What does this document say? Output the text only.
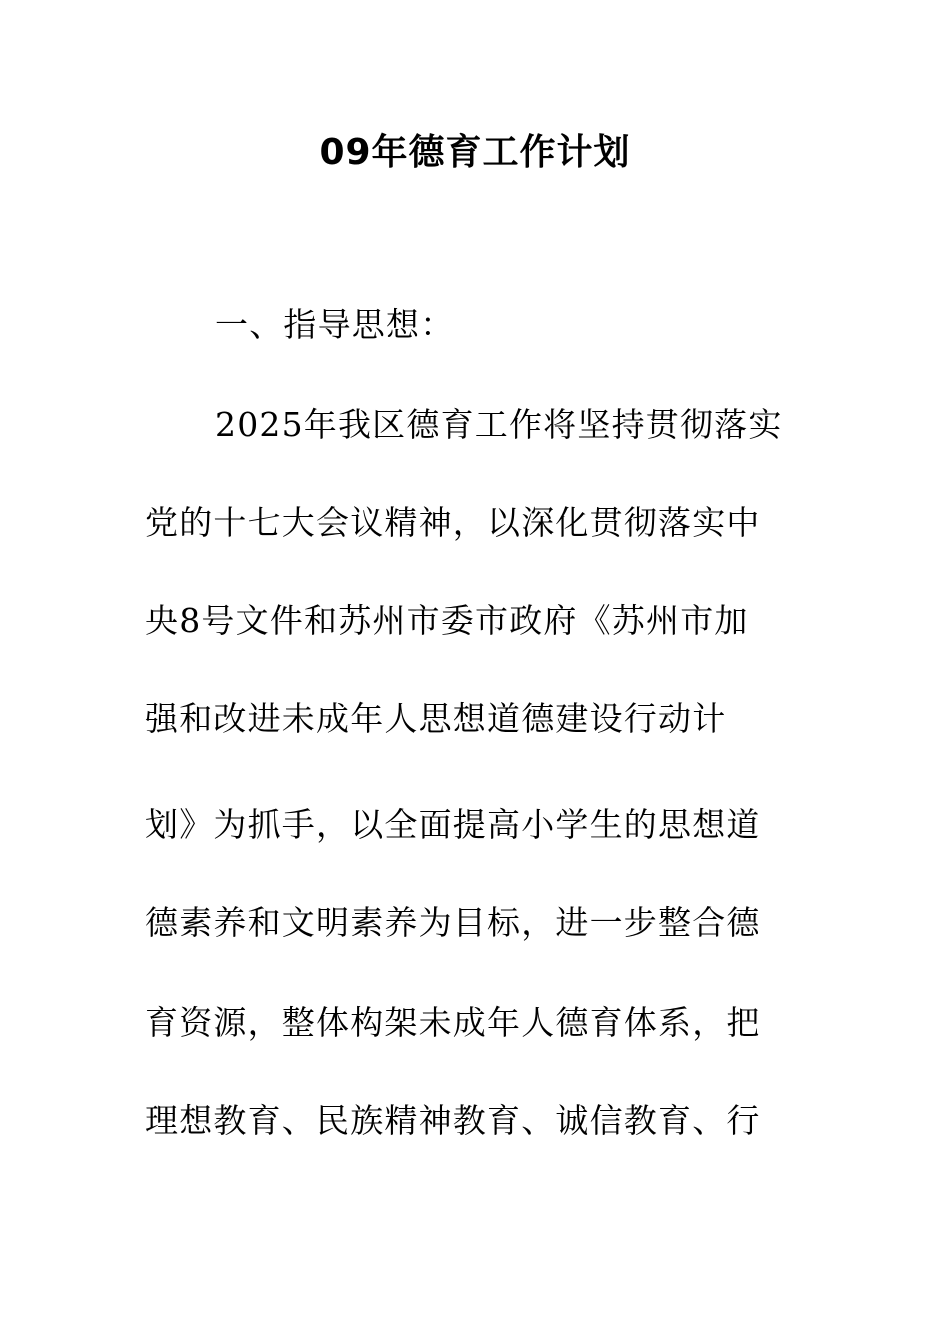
09年德育工作计划
一、指导思想：
2025年我区德育工作将坚持贯彻落实
党的十七大会议精神，以深化贯彻落实中
央8号文件和苏州市委市政府《苏州市加
强和改进未成年人思想道德建设行动计
划》为抓手，以全面提高小学生的思想道
德素养和文明素养为目标，进一步整合德
育资源，整体构架未成年人德育体系，把
理想教育、民族精神教育、诚信教育、行
